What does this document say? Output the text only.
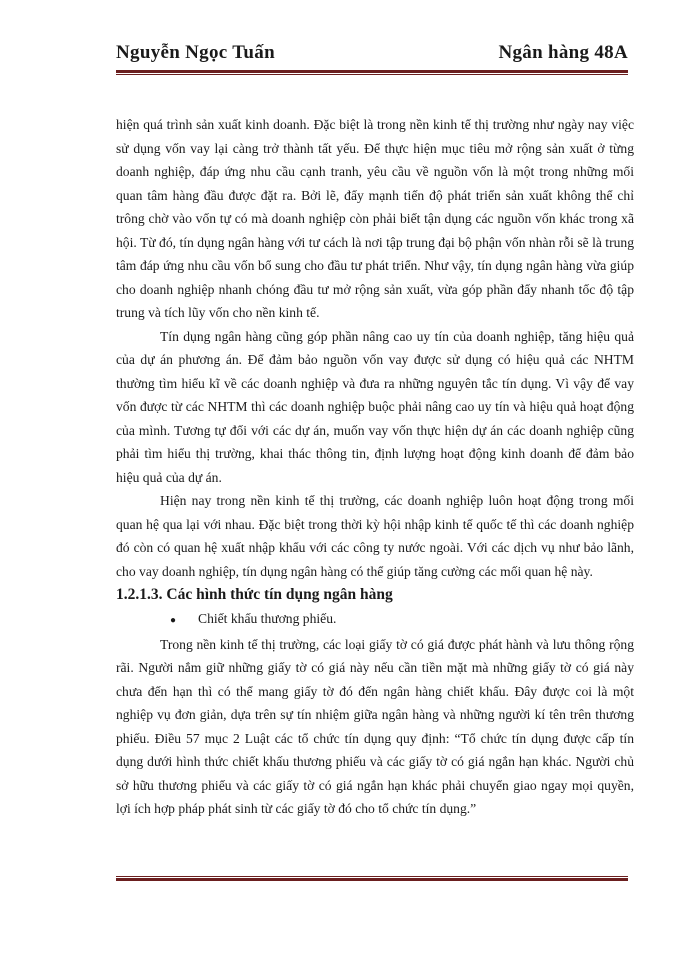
Nguyễn Ngọc Tuấn	Ngân hàng 48A

hiện quá trình sản xuất kinh doanh. Đặc biệt là trong nền kinh tế thị trường như ngày nay việc sử dụng vốn vay lại càng trở thành tất yếu. Để thực hiện mục tiêu mở rộng sản xuất ở từng doanh nghiệp, đáp ứng nhu cầu cạnh tranh, yêu cầu về nguồn vốn là một trong những mối quan tâm hàng đầu được đặt ra. Bởi lẽ, đẩy mạnh tiến độ phát triển sản xuất không thể chỉ trông chờ vào vốn tự có mà doanh nghiệp còn phải biết tận dụng các nguồn vốn khác trong xã hội. Từ đó, tín dụng ngân hàng với tư cách là nơi tập trung đại bộ phận vốn nhàn rỗi sẽ là trung tâm đáp ứng nhu cầu vốn bổ sung cho đầu tư phát triển. Như vậy, tín dụng ngân hàng vừa giúp cho doanh nghiệp nhanh chóng đầu tư mở rộng sản xuất, vừa góp phần đẩy nhanh tốc độ tập trung và tích lũy vốn cho nền kinh tế.

Tín dụng ngân hàng cũng góp phần nâng cao uy tín của doanh nghiệp, tăng hiệu quả của dự án phương án. Để đảm bảo nguồn vốn vay được sử dụng có hiệu quả các NHTM thường tìm hiểu kĩ về các doanh nghiệp và đưa ra những nguyên tắc tín dụng. Vì vậy để vay vốn được từ các NHTM thì các doanh nghiệp buộc phải nâng cao uy tín và hiệu quả hoạt động của mình. Tương tự đối với các dự án, muốn vay vốn thực hiện dự án các doanh nghiệp cũng phải tìm hiểu thị trường, khai thác thông tin, định lượng hoạt động kinh doanh để đảm bảo hiệu quả của dự án.

Hiện nay trong nền kinh tế thị trường, các doanh nghiệp luôn hoạt động trong mối quan hệ qua lại với nhau. Đặc biệt trong thời kỳ hội nhập kinh tế quốc tế thì các doanh nghiệp đó còn có quan hệ xuất nhập khẩu với các công ty nước ngoài. Với các dịch vụ như bảo lãnh, cho vay doanh nghiệp, tín dụng ngân hàng có thể giúp tăng cường các mối quan hệ này.

1.2.1.3. Các hình thức tín dụng ngân hàng

●	Chiết khấu thương phiếu.

Trong nền kinh tế thị trường, các loại giấy tờ có giá được phát hành và lưu thông rộng rãi. Người nắm giữ những giấy tờ có giá này nếu cần tiền mặt mà những giấy tờ có giá này chưa đến hạn thì có thể mang giấy tờ đó đến ngân hàng chiết khấu. Đây được coi là một nghiệp vụ đơn giản, dựa trên sự tín nhiệm giữa ngân hàng và những người kí tên trên thương phiếu. Điều 57 mục 2 Luật các tổ chức tín dụng quy định: “Tổ chức tín dụng được cấp tín dụng dưới hình thức chiết khấu thương phiếu và các giấy tờ có giá ngắn hạn khác. Người chủ sở hữu thương phiếu và các giấy tờ có giá ngắn hạn khác phải chuyển giao ngay mọi quyền, lợi ích hợp pháp phát sinh từ các giấy tờ đó cho tổ chức tín dụng.”
